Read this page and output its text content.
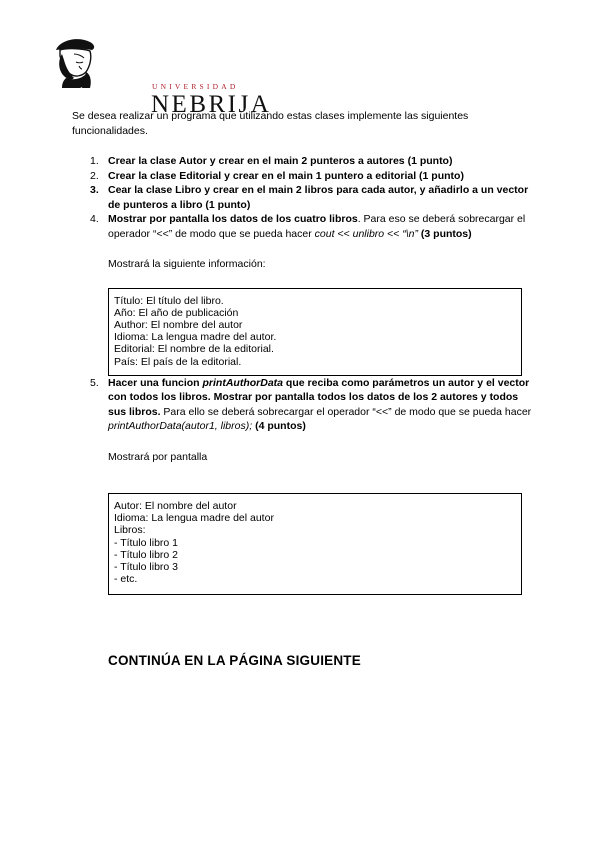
UNIVERSIDAD
NEBRIJA

Se desea realizar un programa que utilizando estas clases implemente las siguientes funcionalidades.

1. Crear la clase Autor y crear en el main 2 punteros a autores (1 punto)
2. Crear la clase Editorial y crear en el main 1 puntero a editorial (1 punto)
3. Cear la clase Libro y crear en el main 2 libros para cada autor, y añadirlo a un vector de punteros a libro (1 punto)
4. Mostrar por pantalla los datos de los cuatro libros. Para eso se deberá sobrecargar el operador “<<” de modo que se pueda hacer cout << unlibro << “\n” (3 puntos)
Mostrará la siguiente información:
Título: El título del libro.
Año: El año de publicación
Author: El nombre del autor
Idioma: La lengua madre del autor.
Editorial: El nombre de la editorial.
País: El país de la editorial.
5. Hacer una funcion printAuthorData que reciba como parámetros un autor y el vector con todos los libros. Mostrar por pantalla todos los datos de los 2 autores y todos sus libros. Para ello se deberá sobrecargar el operador “<<” de modo que se pueda hacer printAuthorData(autor1, libros); (4 puntos)
Mostrará por pantalla
Autor: El nombre del autor
Idioma: La lengua madre del autor
Libros:
- Título libro 1
- Título libro 2
- Título libro 3
- etc.
CONTINÚA EN LA PÁGINA SIGUIENTE
